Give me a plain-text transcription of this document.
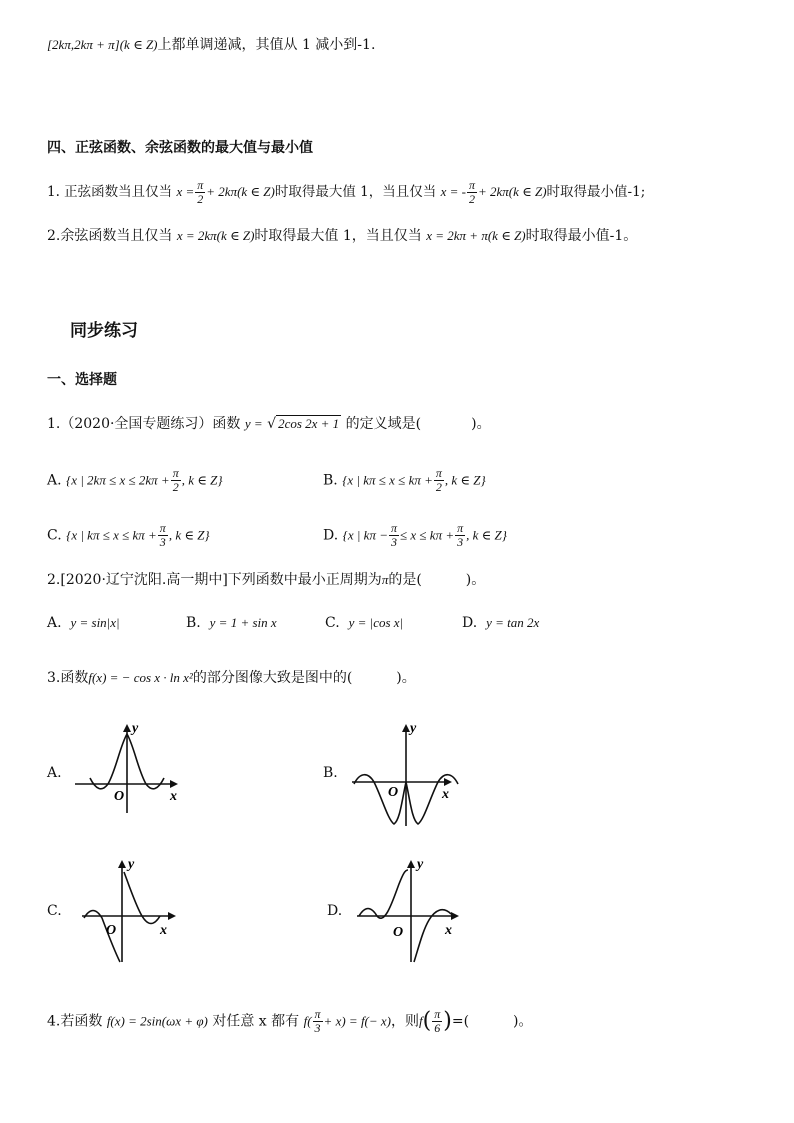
[2kπ,2kπ + π](k ∈ Z)上都单调递减，其值从 1 减小到-1.
四、正弦函数、余弦函数的最大值与最小值
1. 正弦函数当且仅当 $x = \frac{\pi}{2} + 2k\pi(k$ ∈ Z)时取得最大值 1，当且仅当 x = - $\frac{\pi}{2} + 2k\pi(k$ ∈ Z)时取得最小值-1;
2.余弦函数当且仅当 x = 2kπ(k ∈ Z)时取得最大值 1，当且仅当 x = 2kπ + π(k ∈ Z)时取得最小值-1。
同步练习
一、选择题
1.（2020·全国专题练习）函数 y = √ 2cos 2x + 1 的定义域是(	)。
A. {x | $2k\pi \le x \le 2k\pi + \frac{\pi}{2}$ , k ∈ Z}	B. {x | $k\pi \le x \le k\pi + \frac{\pi}{2}$ , k ∈ Z}
C. {x | $k\pi \le x \le k\pi + \frac{\pi}{3}$ , k ∈ Z}	D. {x | $k\pi - \frac{\pi}{3} \le x \le k\pi + \frac{\pi}{3}$ , k ∈ Z}
2.[2020·辽宁沈阳.高一期中]下列函数中最小正周期为π的是(	)。
A. y = sin|x|	B. y = 1 + sin x	C. y = |cos x|	D. y = tan 2x
3.函数f(x) = − cos x · ln x²的部分图像大致是图中的(	)。
A.	B.
C.	D.
O	x
y
O	x
y
O	x
y
O	x
y
4.若函数 f(x) = 2sin(ωx + φ) 对任意 x 都有 $f( \frac{\pi}{3} + x) = f(- x)$，则$f( \frac{\pi}{6}$ )=(	)。
